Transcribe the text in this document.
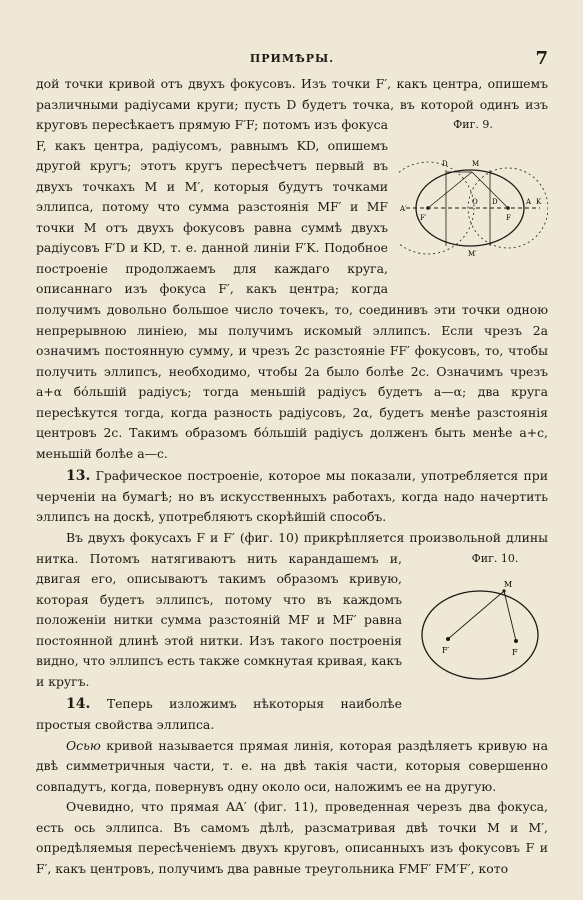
ПРИМѢРЫ.	7

дой точки кривой отъ двухъ фокусовъ. Изъ точки F′, какъ центра, опишемъ различными радіусами круги; пусть D будетъ точка, въ которой одинъ изъ круговъ пересѣкаетъ прямую F′F; потомъ	Фиг. 9.
D	M
A′
F′
O D
F
A K
M′
изъ фокуса F, какъ центра, радіусомъ, равнымъ KD, опишемъ другой кругъ; этотъ кругъ пересѣчетъ первый въ двухъ точкахъ M и M′, которыя будутъ точками эллипса, потому что сумма разстоянія MF′ и MF точки M отъ двухъ фокусовъ равна суммѣ двухъ радіусовъ F′D и KD, т. е. данной линіи F′K. Подобное построеніе продолжаемъ для каждаго круга, описаннаго изъ фокуса F′, какъ центра; когда получимъ довольно большое число точекъ, то, соединивъ эти точки одною непрерывною линіею, мы получимъ искомый эллипсъ. Если чрезъ 2a означимъ постоянную сумму, и чрезъ 2c разстояніе FF′ фокусовъ, то, чтобы получить эллипсъ, необходимо, чтобы 2a было болѣе 2c. Означимъ чрезъ a+α бо́льшій радіусъ; тогда меньшій радіусъ будетъ a—α; два круга пересѣкутся тогда, когда разность радіусовъ, 2α, будетъ менѣе разстоянія центровъ 2c. Такимъ образомъ бо́льшій радіусъ долженъ быть менѣе a+c, меньшій болѣе a—c.

13. Графическое построеніе, которое мы показали, употребляется при черченіи на бумагѣ; но въ искусственныхъ работахъ, когда надо начертить эллипсъ на доскѣ, употребляютъ скорѣйшій способъ.

Въ двухъ фокусахъ F и F′ (фиг. 10) прикрѣпляется произвольной длины нитка.	Фиг. 10.
M
F′	F
Потомъ натягиваютъ нить карандашемъ и, двигая его, описываютъ такимъ образомъ кривую, которая будетъ эллипсъ, потому что въ каждомъ положеніи нитки сумма разстояній MF и MF′ равна постоянной длинѣ этой нитки. Изъ такого построенія видно, что эллипсъ есть также сомкнутая кривая, какъ и кругъ.

14. Теперь изложимъ нѣкоторыя наиболѣе простыя свойства эллипса.

Осью кривой называется прямая линія, которая раздѣляетъ кривую на двѣ симметричныя части, т. е. на двѣ такія части, которыя совершенно совпадутъ, когда, повернувъ одну около оси, наложимъ ее на другую.

Очевидно, что прямая AA′ (фиг. 11), проведенная черезъ два фокуса, есть ось эллипса. Въ самомъ дѣлѣ, разсматривая двѣ точки M и M′, опредѣляемыя пересѣченіемъ двухъ круговъ, описанныхъ изъ фокусовъ F и F′, какъ центровъ, получимъ два равные треугольника FMF′ FM′F′, кото
